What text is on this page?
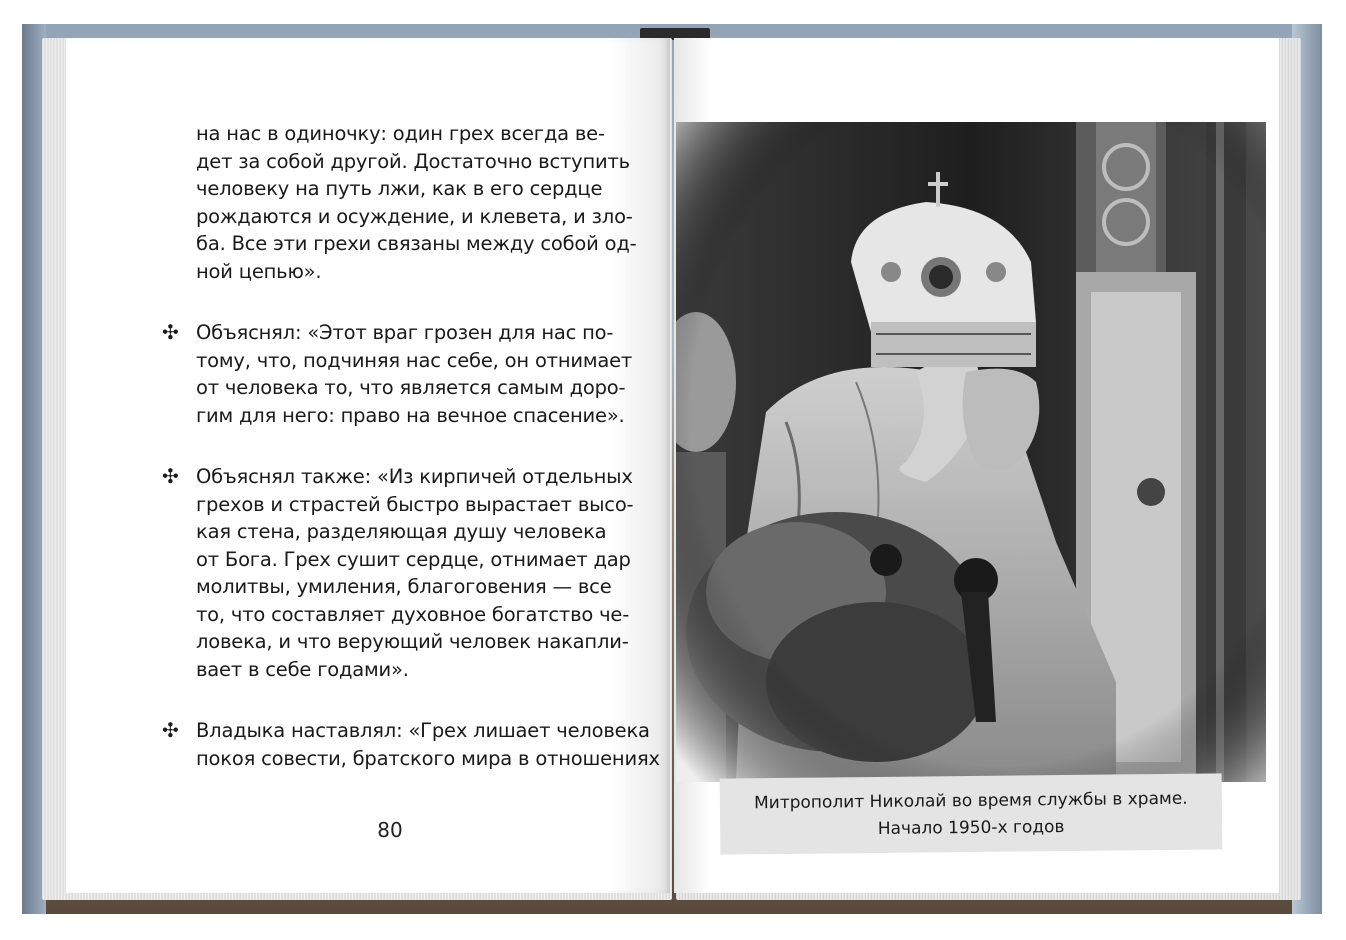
на нас в одиночку: один грех всегда ве-
дет за собой другой. Достаточно вступить
человеку на путь лжи, как в его сердце
рождаются и осуждение, и клевета, и зло-
ба. Все эти грехи связаны между собой од-
ной цепью».
✣ Объяснял: «Этот враг грозен для нас по-
тому, что, подчиняя нас себе, он отнимает
от человека то, что является самым доро-
гим для него: право на вечное спасение».
✣ Объяснял также: «Из кирпичей отдельных
грехов и страстей быстро вырастает высо-
кая стена, разделяющая душу человека
от Бога. Грех сушит сердце, отнимает дар
молитвы, умиления, благоговения — все
то, что составляет духовное богатство че-
ловека, и что верующий человек накапли-
вает в себе годами».
✣ Владыка наставлял: «Грех лишает человека
покоя совести, братского мира в отношениях
80
Митрополит Николай во время службы в храме.
Начало 1950-х годов
